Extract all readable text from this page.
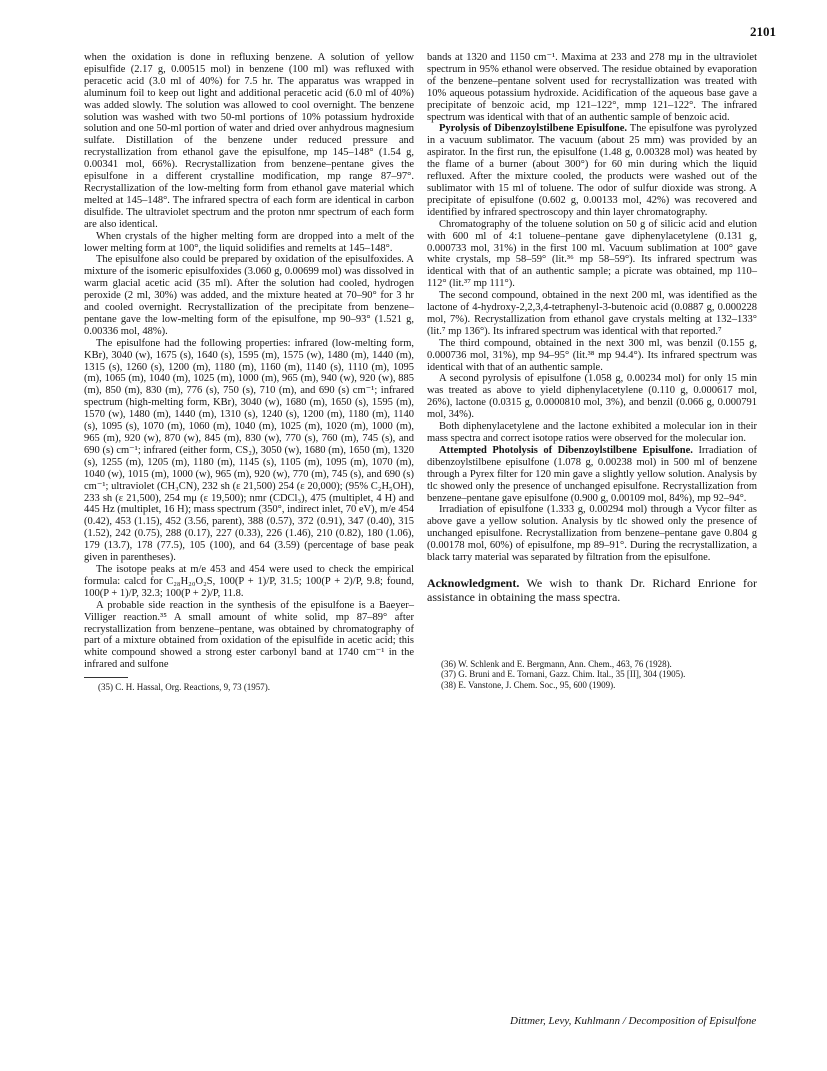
2101

when the oxidation is done in refluxing benzene. A solution of yellow episulfide (2.17 g, 0.00515 mol) in benzene (100 ml) was refluxed with peracetic acid (3.0 ml of 40%) for 7.5 hr. The apparatus was wrapped in aluminum foil to keep out light and additional peracetic acid (6.0 ml of 40%) was added slowly. The solution was allowed to cool overnight. The benzene solution was washed with two 50-ml portions of 10% potassium hydroxide solution and one 50-ml portion of water and dried over anhydrous magnesium sulfate. Distillation of the benzene under reduced pressure and recrystallization from ethanol gave the episulfone, mp 145–148° (1.54 g, 0.00341 mol, 66%). Recrystallization from benzene–pentane gives the episulfone in a different crystalline modification, mp range 87–97°. Recrystallization of the low-melting form from ethanol gave material which melted at 145–148°. The infrared spectra of each form are identical in carbon disulfide. The ultraviolet spectrum and the proton nmr spectrum of each form are also identical.

When crystals of the higher melting form are dropped into a melt of the lower melting form at 100°, the liquid solidifies and remelts at 145–148°.

The episulfone also could be prepared by oxidation of the episulfoxides. A mixture of the isomeric episulfoxides (3.060 g, 0.00699 mol) was dissolved in warm glacial acetic acid (35 ml). After the solution had cooled, hydrogen peroxide (2 ml, 30%) was added, and the mixture heated at 70–90° for 3 hr and cooled overnight. Recrystallization of the precipitate from benzene–pentane gave the low-melting form of the episulfone, mp 90–93° (1.521 g, 0.00336 mol, 48%).

The episulfone had the following properties: infrared (low-melting form, KBr), 3040 (w), 1675 (s), 1640 (s), 1595 (m), 1575 (w), 1480 (m), 1440 (m), 1315 (s), 1260 (s), 1200 (m), 1180 (m), 1160 (m), 1140 (s), 1110 (m), 1095 (m), 1065 (m), 1040 (m), 1025 (m), 1000 (m), 965 (m), 940 (w), 920 (w), 885 (m), 850 (m), 830 (m), 776 (s), 750 (s), 710 (m), and 690 (s) cm⁻¹; infrared spectrum (high-melting form, KBr), 3040 (w), 1680 (m), 1650 (s), 1595 (m), 1570 (w), 1480 (m), 1440 (m), 1310 (s), 1240 (s), 1200 (m), 1180 (m), 1140 (s), 1095 (s), 1070 (m), 1060 (m), 1040 (m), 1025 (m), 1020 (m), 1000 (m), 965 (m), 920 (w), 870 (w), 845 (m), 830 (w), 770 (s), 760 (m), 745 (s), and 690 (s) cm⁻¹; infrared (either form, CS₂), 3050 (w), 1680 (m), 1650 (m), 1320 (s), 1255 (m), 1205 (m), 1180 (m), 1145 (s), 1105 (m), 1095 (m), 1070 (m), 1040 (w), 1015 (m), 1000 (w), 965 (m), 920 (w), 770 (m), 745 (s), and 690 (s) cm⁻¹; ultraviolet (CH₃CN), 232 sh (ε 21,500) 254 (ε 20,000); (95% C₂H₅OH), 233 sh (ε 21,500), 254 mμ (ε 19,500); nmr (CDCl₃), 475 (multiplet, 4 H) and 445 Hz (multiplet, 16 H); mass spectrum (350°, indirect inlet, 70 eV), m/e 454 (0.42), 453 (1.15), 452 (3.56, parent), 388 (0.57), 372 (0.91), 347 (0.40), 315 (1.52), 242 (0.75), 288 (0.17), 227 (0.33), 226 (1.46), 210 (0.82), 180 (1.06), 179 (13.7), 178 (77.5), 105 (100), and 64 (3.59) (percentage of base peak given in parentheses).

The isotope peaks at m/e 453 and 454 were used to check the empirical formula: calcd for C₂₈H₂₀O₂S, 100(P + 1)/P, 31.5; 100(P + 2)/P, 9.8; found, 100(P + 1)/P, 32.3; 100(P + 2)/P, 11.8.

A probable side reaction in the synthesis of the episulfone is a Baeyer–Villiger reaction.³⁵ A small amount of white solid, mp 87–89° after recrystallization from benzene–pentane, was obtained by chromatography of part of a mixture obtained from oxidation of the episulfide in acetic acid; this white compound showed a strong ester carbonyl band at 1740 cm⁻¹ in the infrared and sulfone

(35) C. H. Hassal, Org. Reactions, 9, 73 (1957).

bands at 1320 and 1150 cm⁻¹. Maxima at 233 and 278 mμ in the ultraviolet spectrum in 95% ethanol were observed. The residue obtained by evaporation of the benzene–pentane solvent used for recrystallization was treated with 10% aqueous potassium hydroxide. Acidification of the aqueous base gave a precipitate of benzoic acid, mp 121–122°, mmp 121–122°. The infrared spectrum was identical with that of an authentic sample of benzoic acid.

Pyrolysis of Dibenzoylstilbene Episulfone. The episulfone was pyrolyzed in a vacuum sublimator. The vacuum (about 25 mm) was provided by an aspirator. In the first run, the episulfone (1.48 g, 0.00328 mol) was heated by the flame of a burner (about 300°) for 60 min during which the liquid refluxed. After the mixture cooled, the products were washed out of the sublimator with 15 ml of toluene. The odor of sulfur dioxide was strong. A precipitate of episulfone (0.602 g, 0.00133 mol, 42%) was recovered and identified by infrared spectroscopy and thin layer chromatography.

Chromatography of the toluene solution on 50 g of silicic acid and elution with 600 ml of 4:1 toluene–pentane gave diphenylacetylene (0.131 g, 0.000733 mol, 31%) in the first 100 ml. Vacuum sublimation at 100° gave white crystals, mp 58–59° (lit.³⁶ mp 58–59°). Its infrared spectrum was identical with that of an authentic sample; a picrate was obtained, mp 110–112° (lit.³⁷ mp 111°).

The second compound, obtained in the next 200 ml, was identified as the lactone of 4-hydroxy-2,2,3,4-tetraphenyl-3-butenoic acid (0.0887 g, 0.000228 mol, 7%). Recrystallization from ethanol gave crystals melting at 132–133° (lit.⁷ mp 136°). Its infrared spectrum was identical with that reported.⁷

The third compound, obtained in the next 300 ml, was benzil (0.155 g, 0.000736 mol, 31%), mp 94–95° (lit.³⁸ mp 94.4°). Its infrared spectrum was identical with that of an authentic sample.

A second pyrolysis of episulfone (1.058 g, 0.00234 mol) for only 15 min was treated as above to yield diphenylacetylene (0.110 g, 0.000617 mol, 26%), lactone (0.0315 g, 0.0000810 mol, 3%), and benzil (0.066 g, 0.000791 mol, 34%).

Both diphenylacetylene and the lactone exhibited a molecular ion in their mass spectra and correct isotope ratios were observed for the molecular ion.

Attempted Photolysis of Dibenzoylstilbene Episulfone. Irradiation of dibenzoylstilbene episulfone (1.078 g, 0.00238 mol) in 500 ml of benzene through a Pyrex filter for 120 min gave a slightly yellow solution. Analysis by tlc showed only the presence of unchanged episulfone. Recrystallization from benzene–pentane gave episulfone (0.900 g, 0.00109 mol, 84%), mp 92–94°.

Irradiation of episulfone (1.333 g, 0.00294 mol) through a Vycor filter as above gave a yellow solution. Analysis by tlc showed only the presence of unchanged episulfone. Recrystallization from benzene–pentane gave 0.804 g (0.00178 mol, 60%) of episulfone, mp 89–91°. During the recrystallization, a black tarry material was separated by filtration from the episulfone.

Acknowledgment. We wish to thank Dr. Richard Enrione for assistance in obtaining the mass spectra.

(36) W. Schlenk and E. Bergmann, Ann. Chem., 463, 76 (1928).
(37) G. Bruni and E. Tornani, Gazz. Chim. Ital., 35 [II], 304 (1905).
(38) E. Vanstone, J. Chem. Soc., 95, 600 (1909).
Dittmer, Levy, Kuhlmann / Decomposition of Episulfone
